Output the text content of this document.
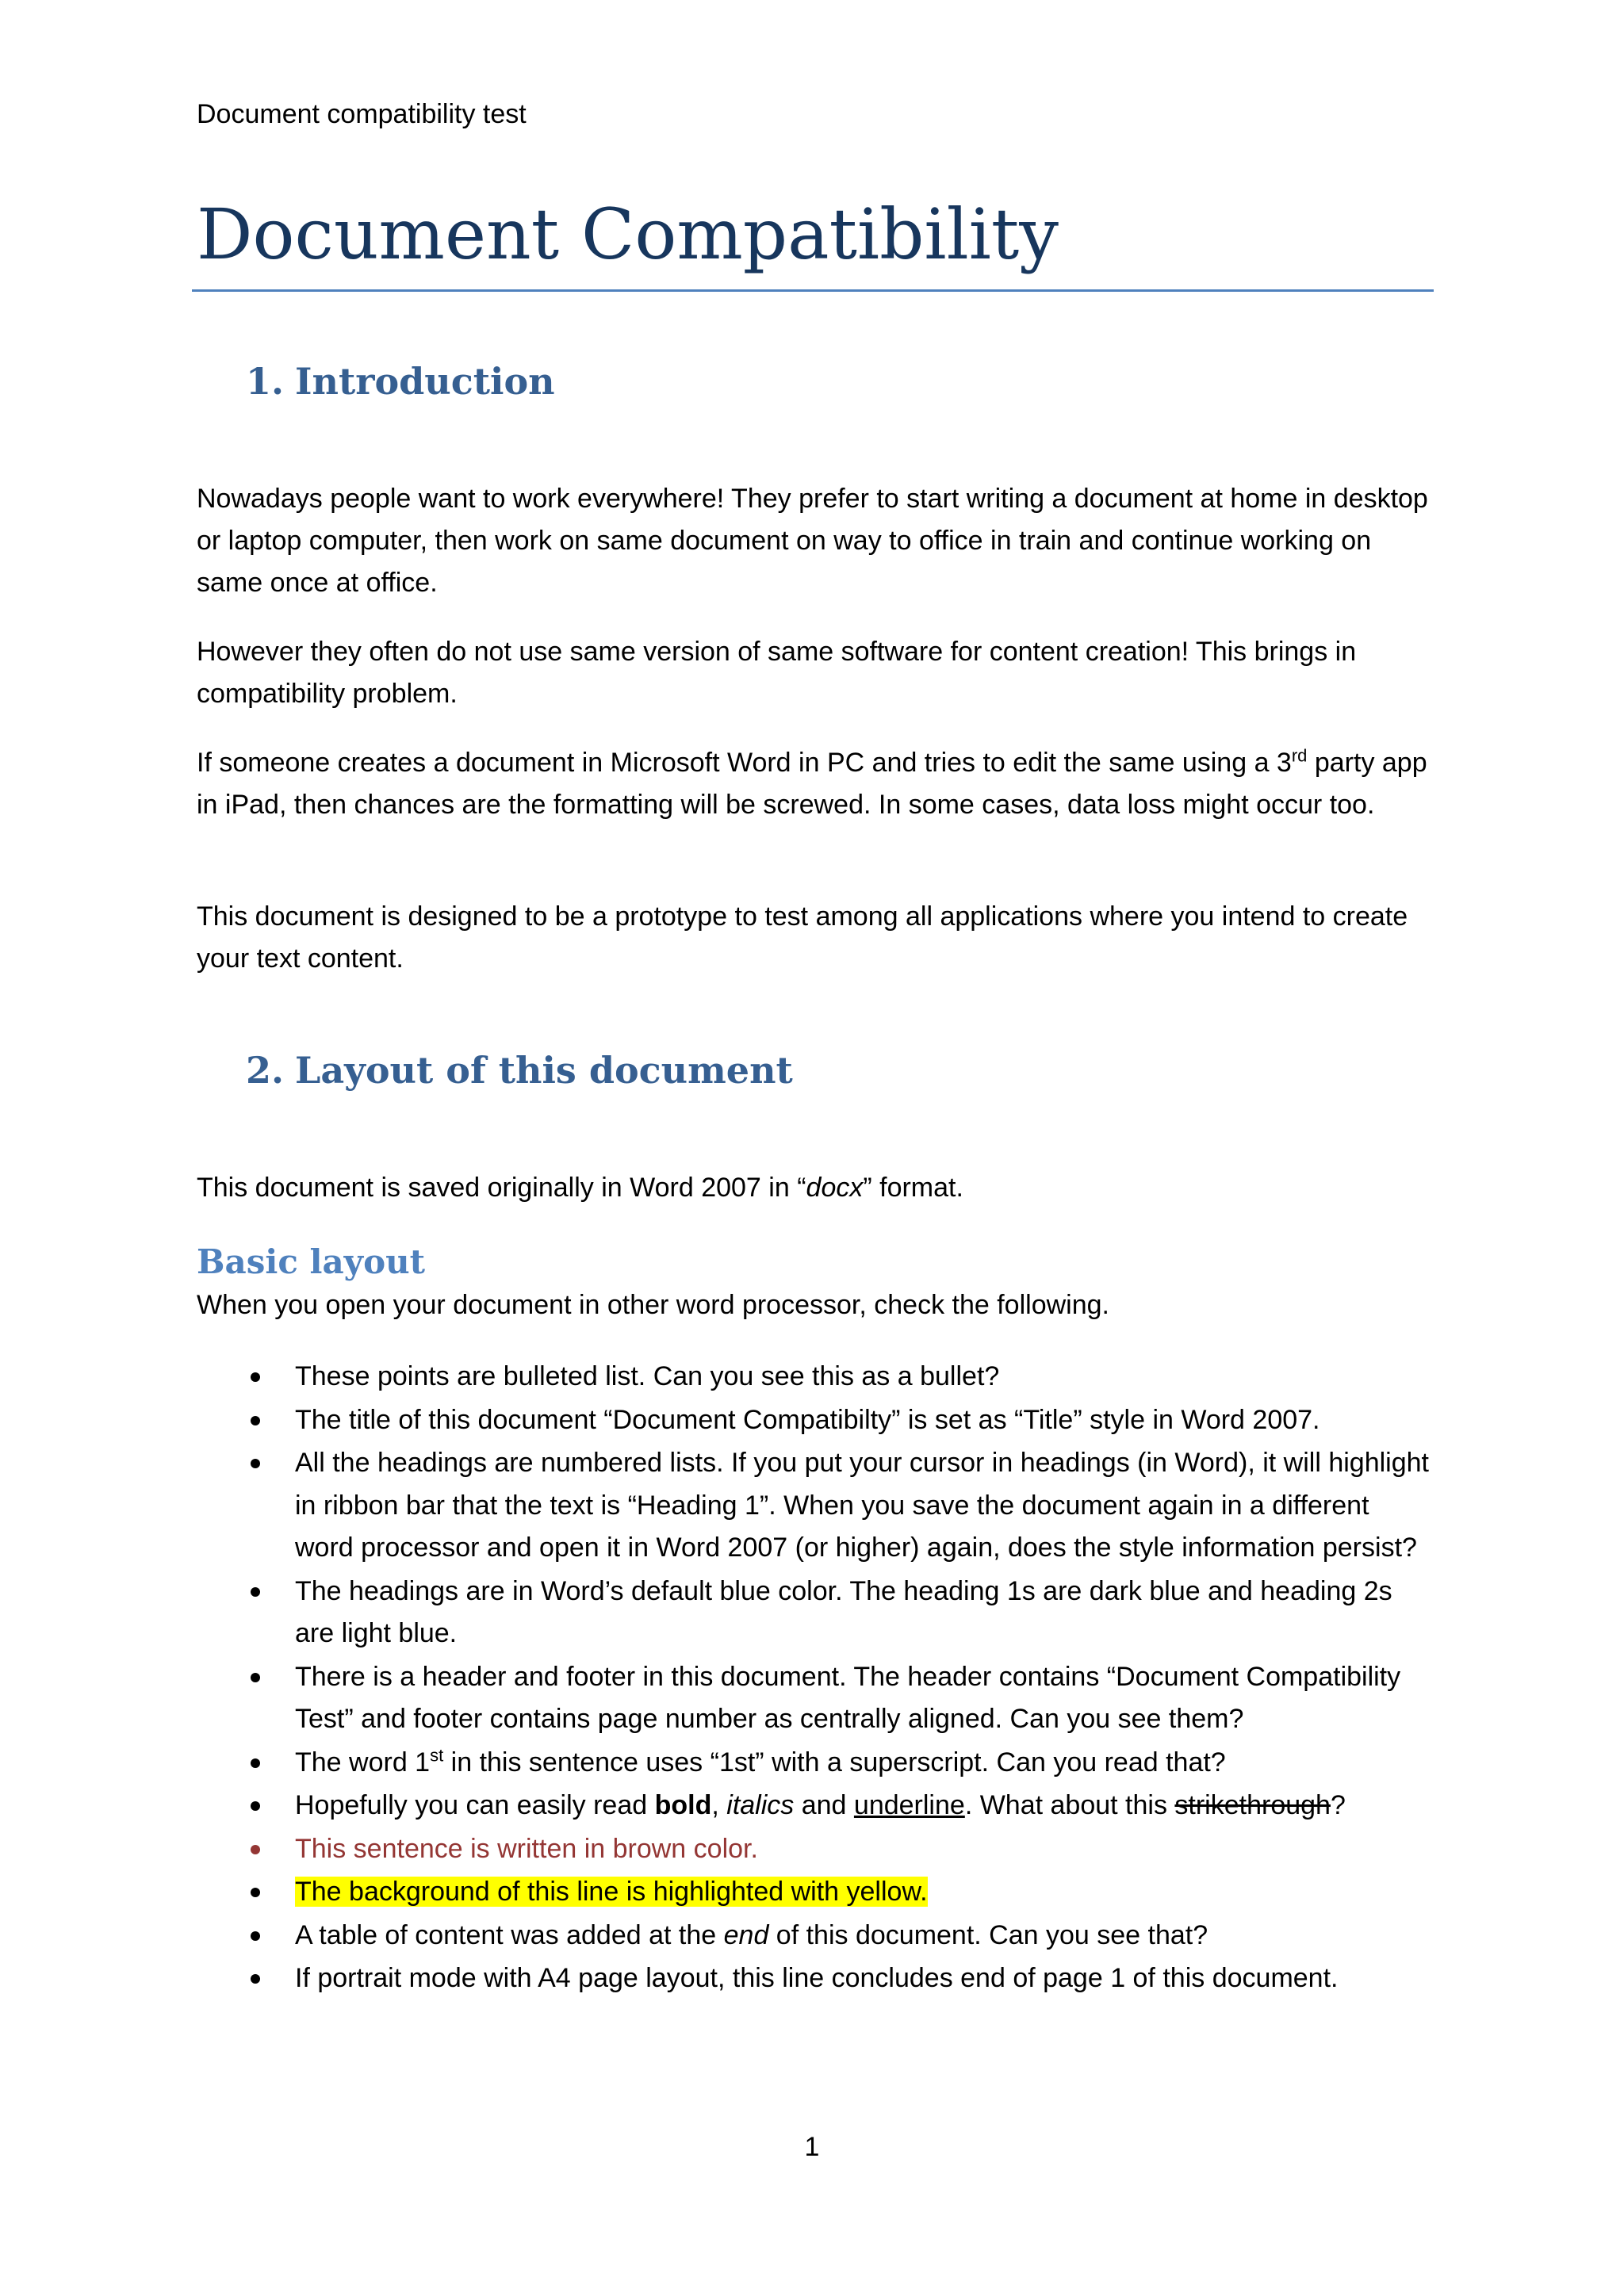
Document compatibility test
Document Compatibility
1. Introduction

Nowadays people want to work everywhere! They prefer to start writing a document at home in desktop or laptop computer, then work on same document on way to office in train and continue working on same once at office.

However they often do not use same version of same software for content creation! This brings in compatibility problem.

If someone creates a document in Microsoft Word in PC and tries to edit the same using a 3rd party app in iPad, then chances are the formatting will be screwed. In some cases, data loss might occur too.

This document is designed to be a prototype to test among all applications where you intend to create your text content.

2. Layout of this document

This document is saved originally in Word 2007 in “docx” format.

Basic layout

When you open your document in other word processor, check the following.

These points are bulleted list. Can you see this as a bullet?
The title of this document “Document Compatibilty” is set as “Title” style in Word 2007.
All the headings are numbered lists. If you put your cursor in headings (in Word), it will highlight in ribbon bar that the text is “Heading 1”. When you save the document again in a different word processor and open it in Word 2007 (or higher) again, does the style information persist?
The headings are in Word’s default blue color. The heading 1s are dark blue and heading 2s are light blue.
There is a header and footer in this document. The header contains “Document Compatibility Test” and footer contains page number as centrally aligned. Can you see them?
The word 1st in this sentence uses “1st” with a superscript. Can you read that?
Hopefully you can easily read bold, italics and underline. What about this strikethrough?
This sentence is written in brown color.
The background of this line is highlighted with yellow.
A table of content was added at the end of this document. Can you see that?
If portrait mode with A4 page layout, this line concludes end of page 1 of this document.
1
